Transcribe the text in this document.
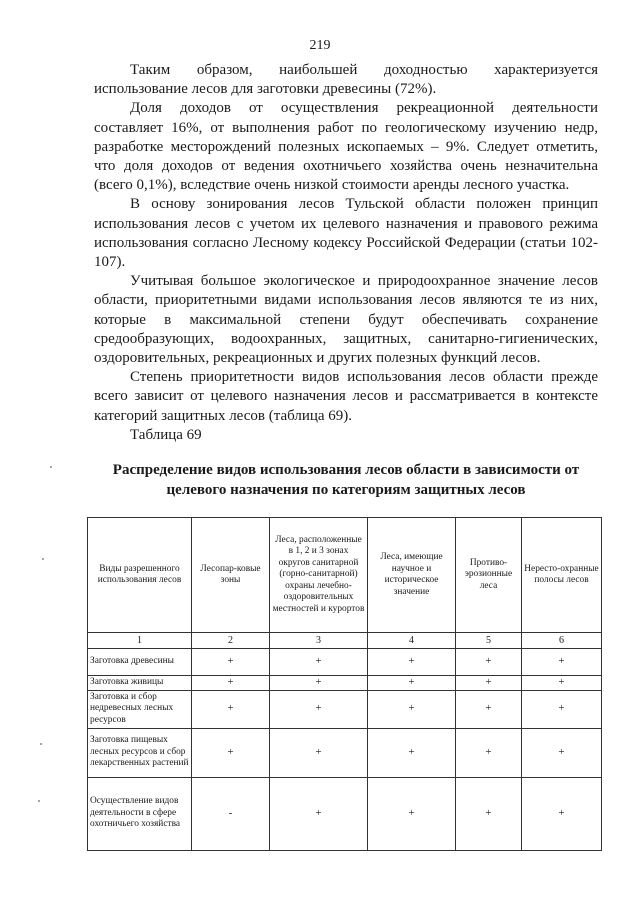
219

Таким образом, наибольшей доходностью характеризуется использование лесов для заготовки древесины (72%).

Доля доходов от осуществления рекреационной деятельности составляет 16%, от выполнения работ по геологическому изучению недр, разработке месторождений полезных ископаемых – 9%. Следует отметить, что доля доходов от ведения охотничьего хозяйства очень незначительна (всего 0,1%), вследствие очень низкой стоимости аренды лесного участка.

В основу зонирования лесов Тульской области положен принцип использования лесов с учетом их целевого назначения и правового режима использования согласно Лесному кодексу Российской Федерации (статьи 102-107).

Учитывая большое экологическое и природоохранное значение лесов области, приоритетными видами использования лесов являются те из них, которые в максимальной степени будут обеспечивать сохранение средообразующих, водоохранных, защитных, санитарно-гигиенических, оздоровительных, рекреационных и других полезных функций лесов.

Степень приоритетности видов использования лесов области прежде всего зависит от целевого назначения лесов и рассматривается в контексте категорий защитных лесов (таблица 69).

Таблица 69

Распределение видов использования лесов области в зависимости от
целевого назначения по категориям защитных лесов
Виды разрешенного использования лесов	Лесопар-ковые зоны	Леса, расположенные в 1, 2 и 3 зонах округов санитарной (горно-санитарной) охраны лечебно-оздоровительных местностей и курортов	Леса, имеющие научное и историческое значение	Противо-эрозионные леса	Нересто-охранные полосы лесов
1	2	3	4	5	6
Заготовка древесины	+	+	+	+	+
Заготовка живицы	+	+	+	+	+
Заготовка и сбор недревесных лесных ресурсов	+	+	+	+	+
Заготовка пищевых лесных ресурсов и сбор лекарственных растений	+	+	+	+	+
Осуществление видов деятельности в сфере охотничьего хозяйства	-	+	+	+	+
